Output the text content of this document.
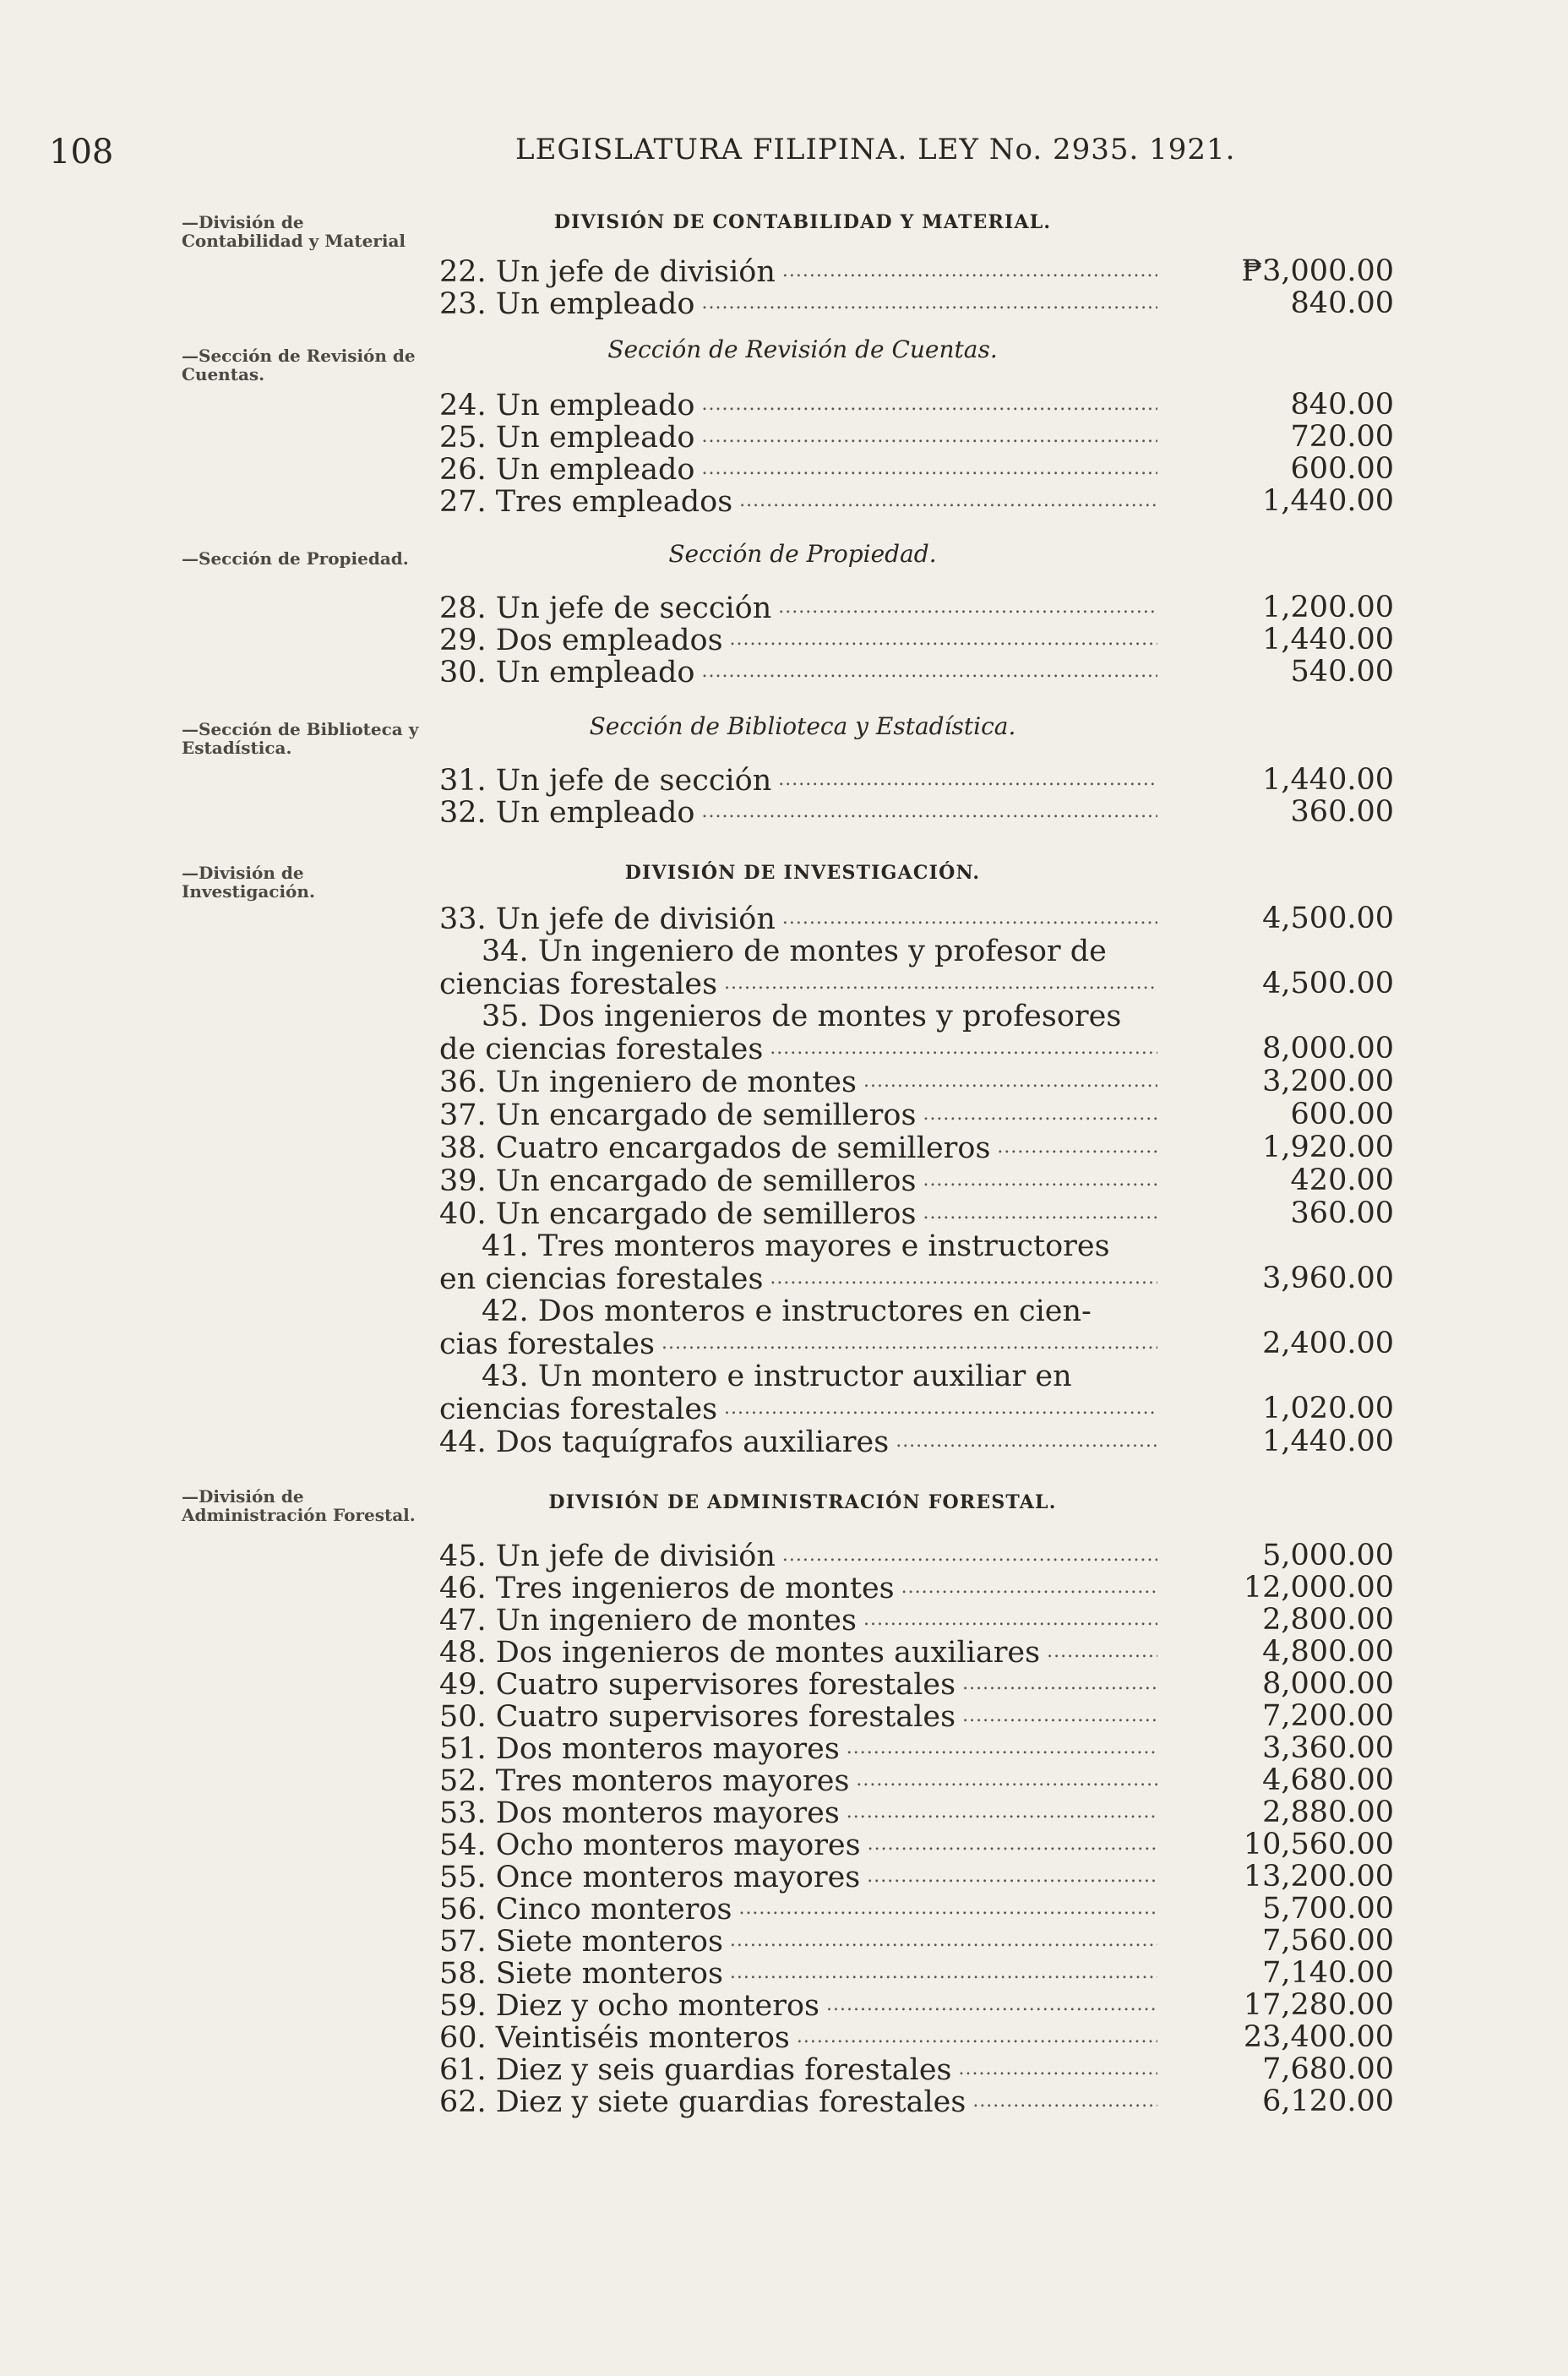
108	LEGISLATURA FILIPINA. LEY No. 2935. 1921.
—División de Contabilidad y Material
—Sección de Revisión de Cuentas.
—Sección de Propiedad.
—Sección de Biblioteca y Estadística.
—División de Investigación.
—División de Administración Forestal.
DIVISIÓN DE CONTABILIDAD Y MATERIAL.
Sección de Revisión de Cuentas.
Sección de Propiedad.
Sección de Biblioteca y Estadística.
DIVISIÓN DE INVESTIGACIÓN.
DIVISIÓN DE ADMINISTRACIÓN FORESTAL.
22. Un jefe de división .....	₱3,000.00
23. Un empleado .....	840.00
24. Un empleado .....	840.00
25. Un empleado .....	720.00
26. Un empleado .....	600.00
27. Tres empleados .....	1,440.00
28. Un jefe de sección .....	1,200.00
29. Dos empleados .....	1,440.00
30. Un empleado .....	540.00
31. Un jefe de sección .....	1,440.00
32. Un empleado .....	360.00
33. Un jefe de división .....	4,500.00
34. Un ingeniero de montes y profesor de
ciencias forestales .....	4,500.00
35. Dos ingenieros de montes y profesores
de ciencias forestales .....	8,000.00
36. Un ingeniero de montes .....	3,200.00
37. Un encargado de semilleros .....	600.00
38. Cuatro encargados de semilleros .....	1,920.00
39. Un encargado de semilleros .....	420.00
40. Un encargado de semilleros .....	360.00
41. Tres monteros mayores e instructores
en ciencias forestales .....	3,960.00
42. Dos monteros e instructores en cien-
cias forestales .....	2,400.00
43. Un montero e instructor auxiliar en
ciencias forestales .....	1,020.00
44. Dos taquígrafos auxiliares .....	1,440.00
45. Un jefe de división .....	5,000.00
46. Tres ingenieros de montes .....	12,000.00
47. Un ingeniero de montes .....	2,800.00
48. Dos ingenieros de montes auxiliares .....	4,800.00
49. Cuatro supervisores forestales .....	8,000.00
50. Cuatro supervisores forestales .....	7,200.00
51. Dos monteros mayores .....	3,360.00
52. Tres monteros mayores .....	4,680.00
53. Dos monteros mayores .....	2,880.00
54. Ocho monteros mayores .....	10,560.00
55. Once monteros mayores .....	13,200.00
56. Cinco monteros .....	5,700.00
57. Siete monteros .....	7,560.00
58. Siete monteros .....	7,140.00
59. Diez y ocho monteros .....	17,280.00
60. Veintiséis monteros .....	23,400.00
61. Diez y seis guardias forestales .....	7,680.00
62. Diez y siete guardias forestales .....	6,120.00
